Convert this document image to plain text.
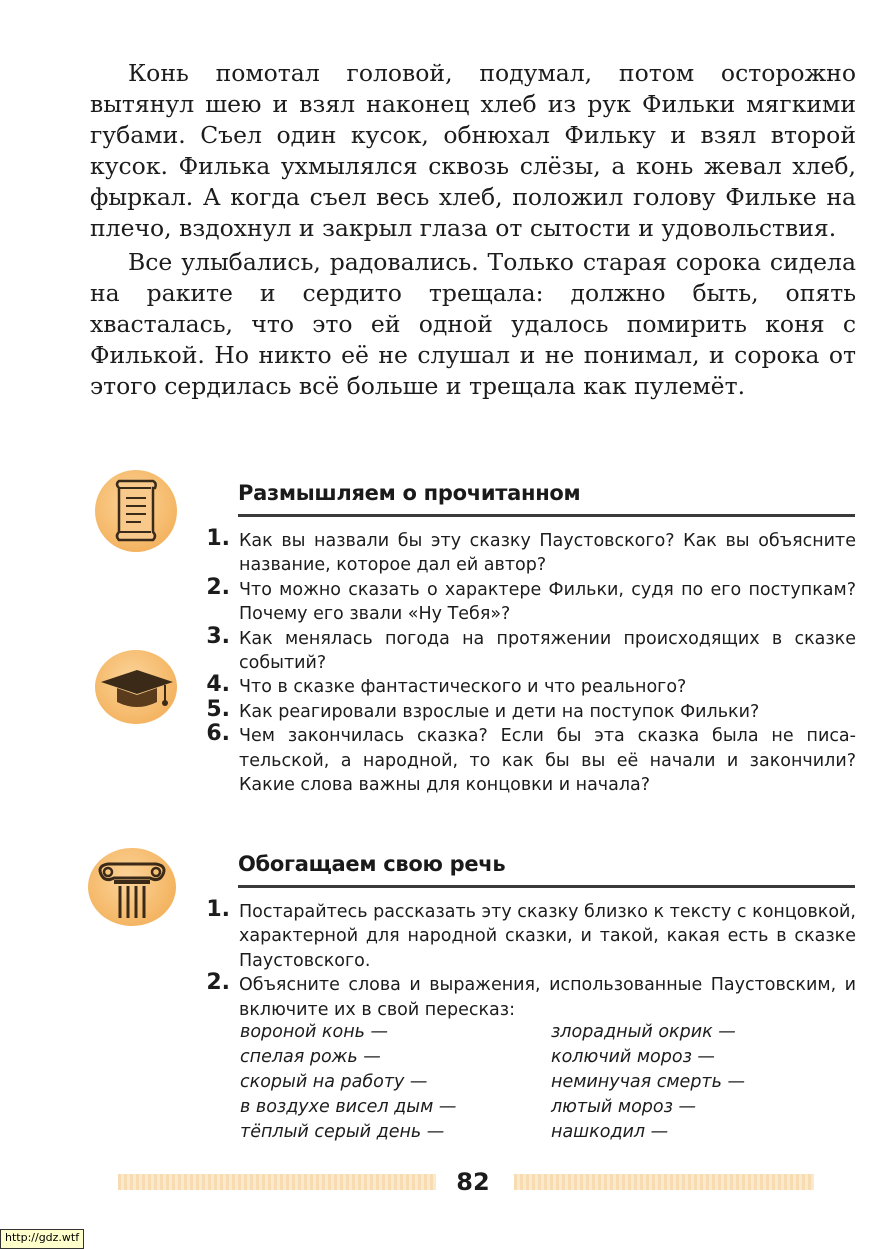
Конь помотал головой, подумал, потом осторожно вытянул шею и взял наконец хлеб из рук Фильки мягкими губами. Съел один кусок, обнюхал Фильку и взял второй кусок. Филька ухмылялся сквозь слёзы, а конь жевал хлеб, фыркал. А когда съел весь хлеб, положил голову Фильке на плечо, вздохнул и закрыл глаза от сытости и удовольствия.

Все улыбались, радовались. Только старая сорока сидела на раките и сердито трещала: должно быть, опять хвасталась, что это ей одной удалось помирить коня с Филькой. Но никто её не слушал и не понимал, и сорока от этого сердилась всё больше и трещала как пулемёт.

Размышляем о прочитанном
1. Как вы назвали бы эту сказку Паустовского? Как вы объясните название, которое дал ей автор?
2. Что можно сказать о характере Фильки, судя по его поступкам? Почему его звали «Ну Тебя»?
3. Как менялась погода на протяжении происходящих в сказке событий?
4. Что в сказке фантастического и что реального?
5. Как реагировали взрослые и дети на поступок Фильки?
6. Чем закончилась сказка? Если бы эта сказка была не писательской, а народной, то как бы вы её начали и закончили? Какие слова важны для концовки и начала?
Обогащаем свою речь
1. Постарайтесь рассказать эту сказку близко к тексту с концовкой, характерной для народной сказки, и такой, какая есть в сказке Паустовского.
2. Объясните слова и выражения, использованные Паустовским, и включите их в свой пересказ:
вороной конь —
спелая рожь —
скорый на работу —
в воздухе висел дым —
тёплый серый день —
злорадный окрик —
колючий мороз —
неминучая смерть —
лютый мороз —
нашкодил —
82
http://gdz.wtf
